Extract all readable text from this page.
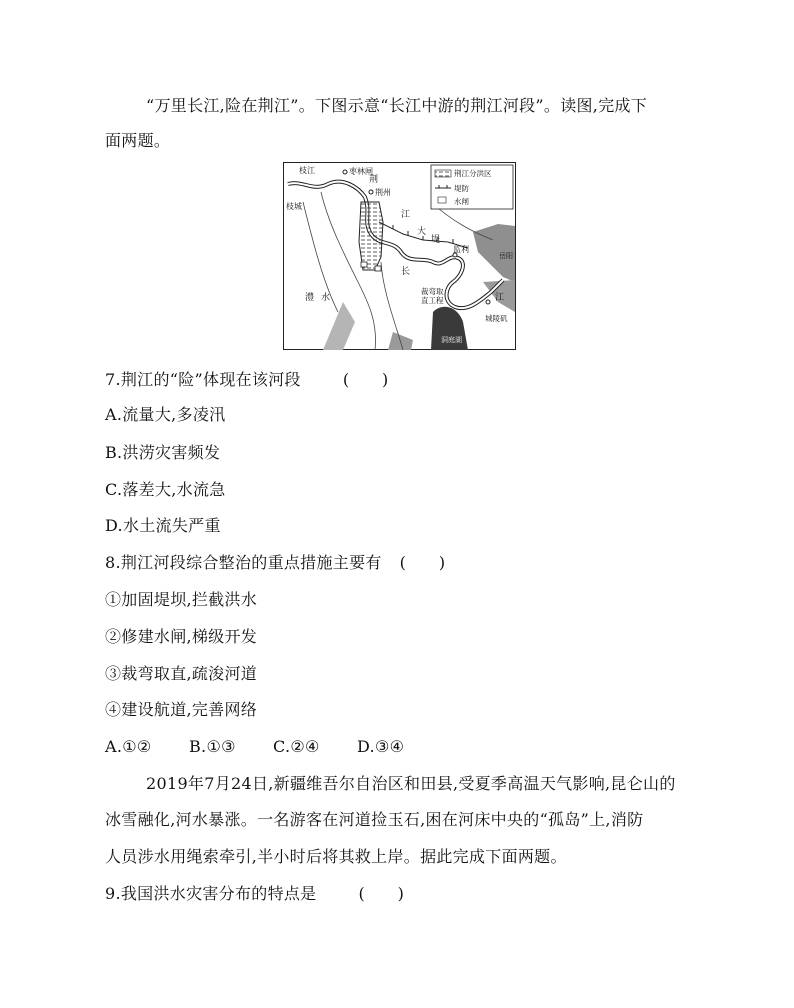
“万里长江,险在荆江”。下图示意“长江中游的荆江河段”。读图,完成下
面两题。
荆江分洪区
堤防
水闸
枝江	枣林闸
荆
荆州
枝城
江
大
堤
监利
长
澧 水
裁弯取
直工程	江
城陵矶
洞庭湖
岳阳
7.荆江的“险”体现在该河段	(　　)
A.流量大,多凌汛
B.洪涝灾害频发
C.落差大,水流急
D.水土流失严重
8.荆江河段综合整治的重点措施主要有 (　　)
①加固堤坝,拦截洪水
②修建水闸,梯级开发
③裁弯取直,疏浚河道
④建设航道,完善网络
A.①② B.①③ C.②④ D.③④
2019年7月24日,新疆维吾尔自治区和田县,受夏季高温天气影响,昆仑山的
冰雪融化,河水暴涨。一名游客在河道捡玉石,困在河床中央的“孤岛”上,消防
人员涉水用绳索牵引,半小时后将其救上岸。据此完成下面两题。
9.我国洪水灾害分布的特点是	(　　)
